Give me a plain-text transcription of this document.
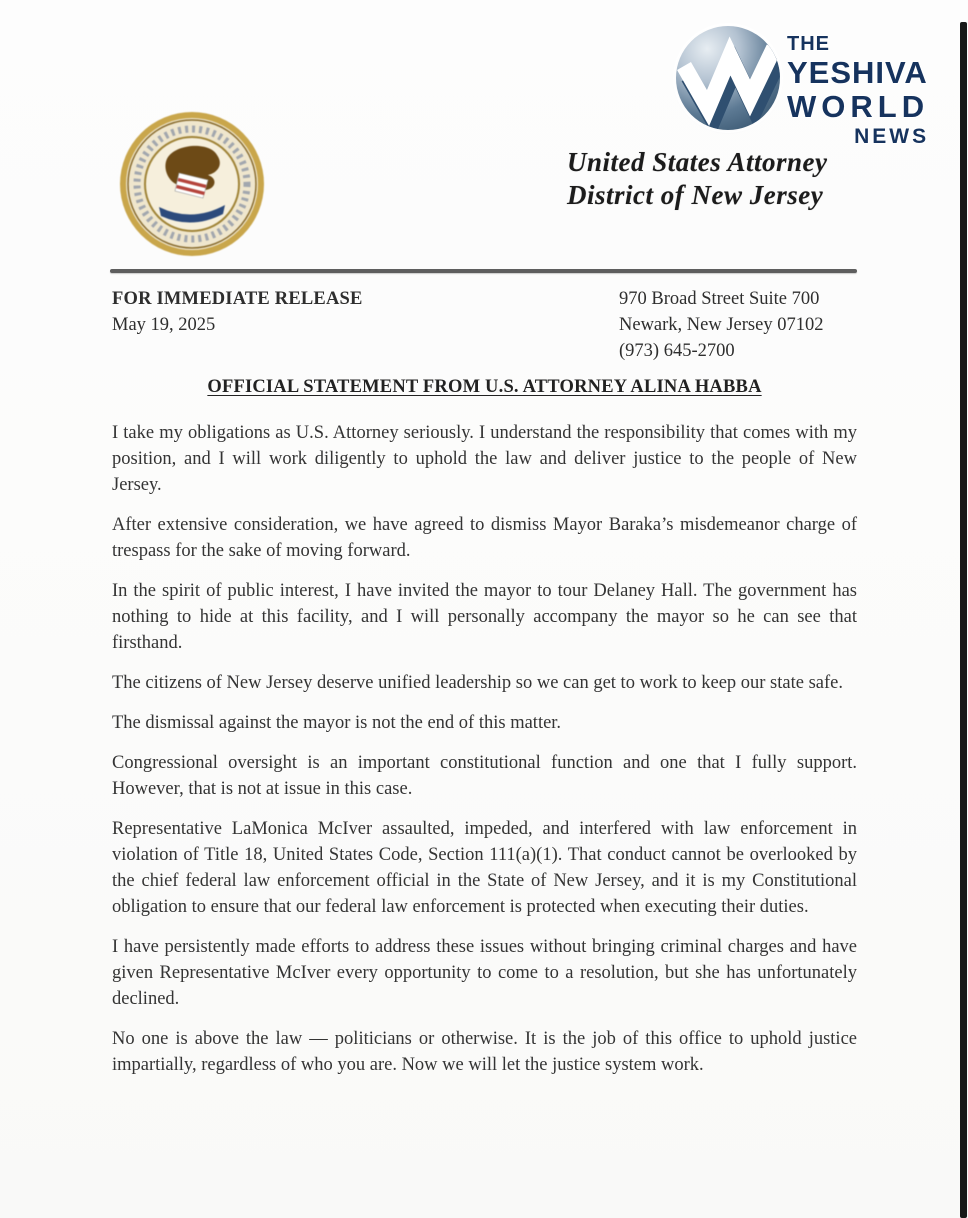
THE
YESHIVA
WORLD
NEWS
United States Attorney
District of New Jersey
FOR IMMEDIATE RELEASE
May 19, 2025
970 Broad Street Suite 700
Newark, New Jersey 07102
(973) 645-2700
OFFICIAL STATEMENT FROM U.S. ATTORNEY ALINA HABBA

I take my obligations as U.S. Attorney seriously. I understand the responsibility that comes with my position, and I will work diligently to uphold the law and deliver justice to the people of New Jersey.

After extensive consideration, we have agreed to dismiss Mayor Baraka’s misdemeanor charge of trespass for the sake of moving forward.

In the spirit of public interest, I have invited the mayor to tour Delaney Hall. The government has nothing to hide at this facility, and I will personally accompany the mayor so he can see that firsthand.

The citizens of New Jersey deserve unified leadership so we can get to work to keep our state safe.

The dismissal against the mayor is not the end of this matter.

Congressional oversight is an important constitutional function and one that I fully support. However, that is not at issue in this case.

Representative LaMonica McIver assaulted, impeded, and interfered with law enforcement in violation of Title 18, United States Code, Section 111(a)(1). That conduct cannot be overlooked by the chief federal law enforcement official in the State of New Jersey, and it is my Constitutional obligation to ensure that our federal law enforcement is protected when executing their duties.

I have persistently made efforts to address these issues without bringing criminal charges and have given Representative McIver every opportunity to come to a resolution, but she has unfortunately declined.

No one is above the law — politicians or otherwise. It is the job of this office to uphold justice impartially, regardless of who you are. Now we will let the justice system work.
